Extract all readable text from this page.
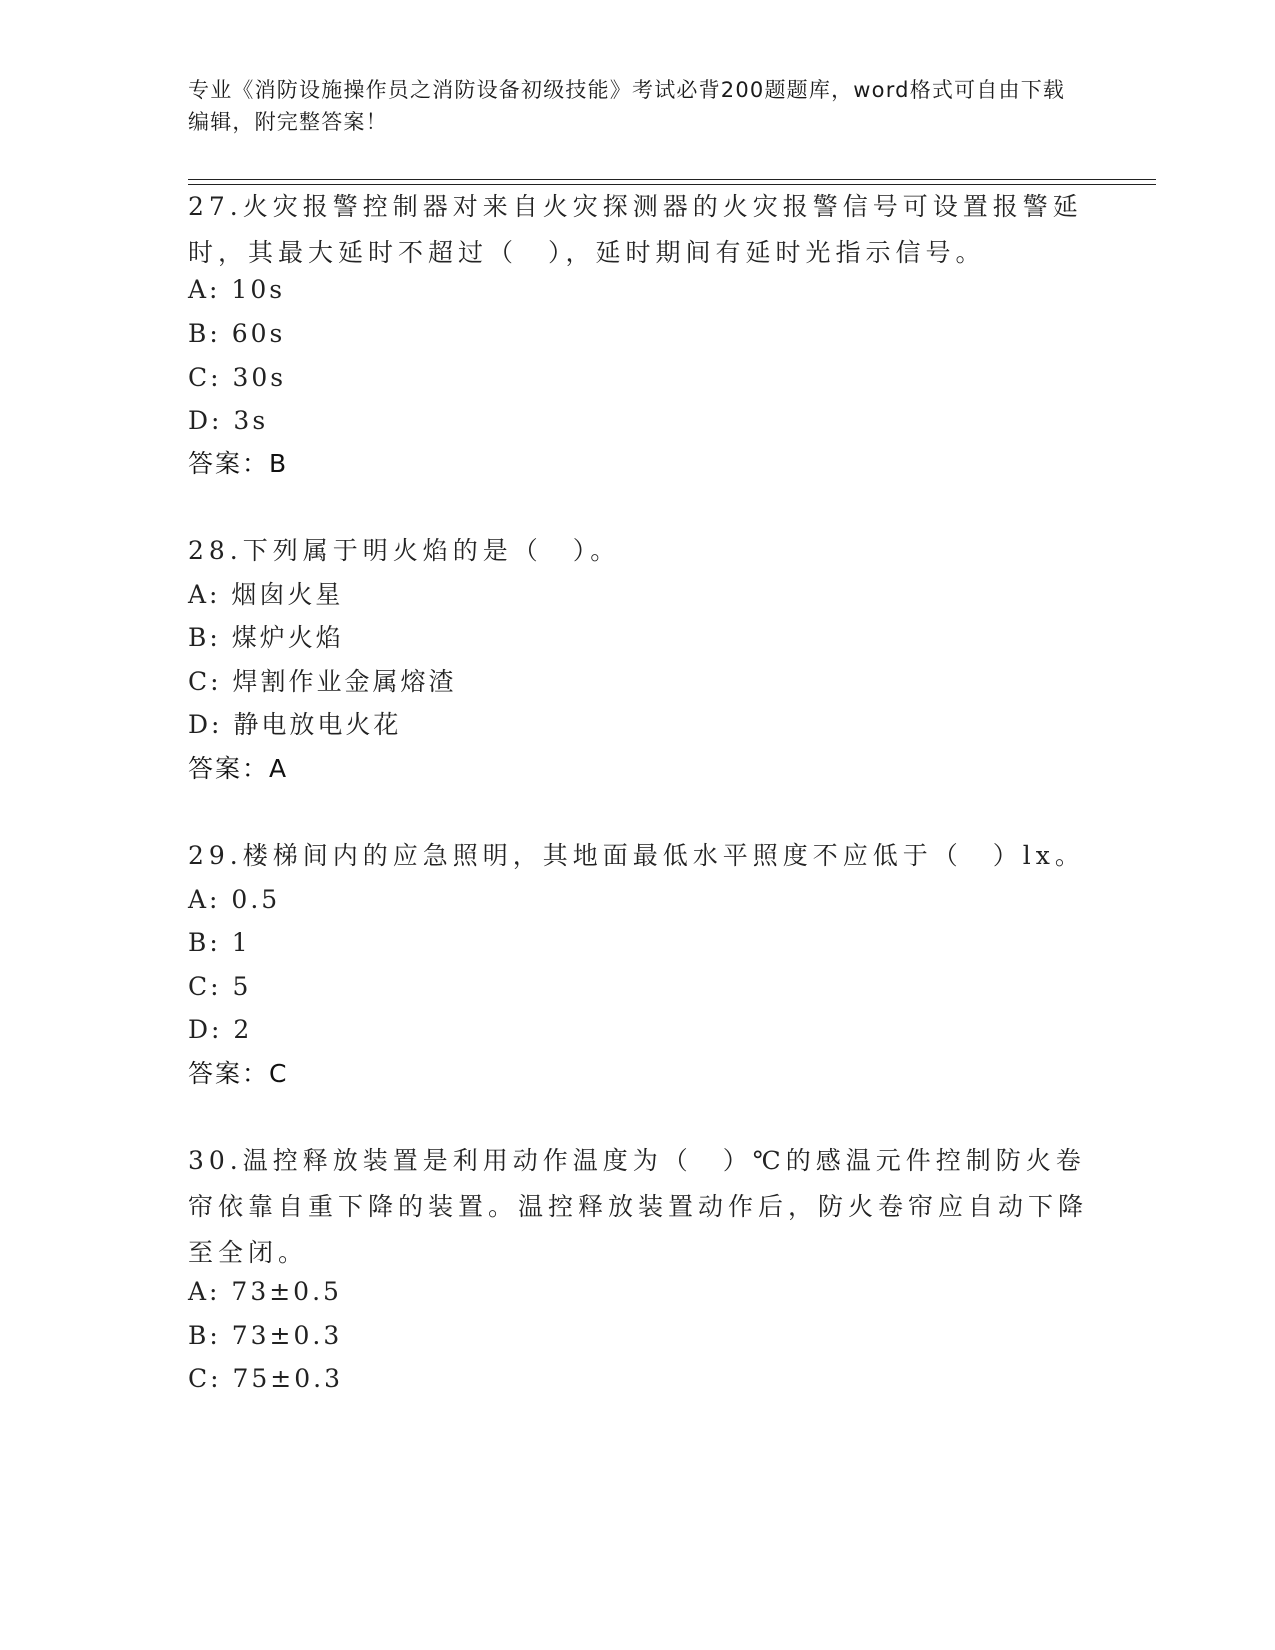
专业《消防设施操作员之消防设备初级技能》考试必背200题题库，word格式可自由下载编辑，附完整答案！
27.火灾报警控制器对来自火灾探测器的火灾报警信号可设置报警延时，其最大延时不超过（　），延时期间有延时光指示信号。
A: 10s
B: 60s
C: 30s
D: 3s
答案：B
28.下列属于明火焰的是（　）。
A: 烟囱火星
B: 煤炉火焰
C: 焊割作业金属熔渣
D: 静电放电火花
答案：A
29.楼梯间内的应急照明，其地面最低水平照度不应低于（　）lx。
A: 0.5
B: 1
C: 5
D: 2
答案：C
30.温控释放装置是利用动作温度为（　）℃的感温元件控制防火卷帘依靠自重下降的装置。温控释放装置动作后，防火卷帘应自动下降至全闭。
A: 73±0.5
B: 73±0.3
C: 75±0.3
